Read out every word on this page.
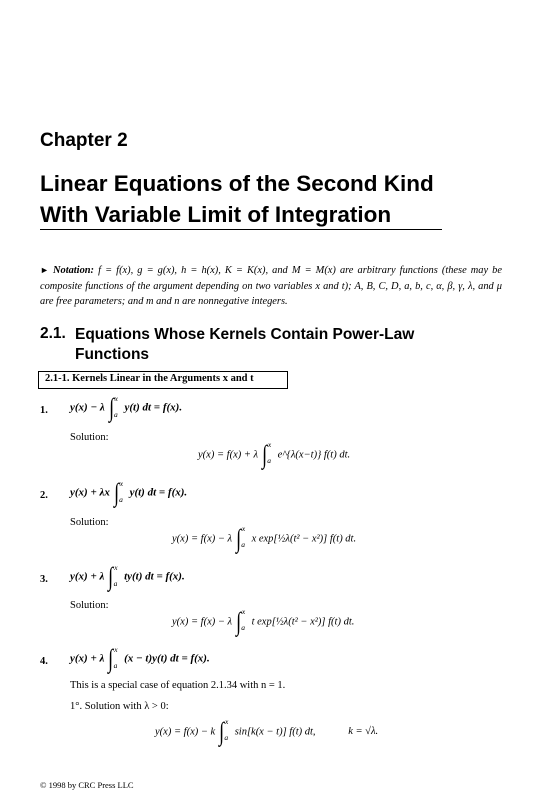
Chapter 2
Linear Equations of the Second Kind
With Variable Limit of Integration
► Notation: f = f(x), g = g(x), h = h(x), K = K(x), and M = M(x) are arbitrary functions (these may be composite functions of the argument depending on two variables x and t); A, B, C, D, a, b, c, α, β, γ, λ, and μ are free parameters; and m and n are nonnegative integers.
2.1. Equations Whose Kernels Contain Power-Law Functions
2.1-1. Kernels Linear in the Arguments x and t
1. y(x) − λ ∫$^x_a$ y(t) dt = f(x).
Solution:
y(x) = f(x) + λ ∫$^x_a$ e^{λ(x−t)} f(t) dt.
2. y(x) + λx ∫$^x_a$ y(t) dt = f(x).
Solution:
y(x) = f(x) − λ ∫$^x_a$ x exp[½λ(t² − x²)] f(t) dt.
3. y(x) + λ ∫$^x_a$ ty(t) dt = f(x).
Solution:
y(x) = f(x) − λ ∫$^x_a$ t exp[½λ(t² − x²)] f(t) dt.
4. y(x) + λ ∫$^x_a$ (x − t)y(t) dt = f(x).
This is a special case of equation 2.1.34 with n = 1.
1°. Solution with λ > 0:
y(x) = f(x) − k ∫$^x_a$ sin[k(x − t)] f(t) dt,	k = √λ.
© 1998 by CRC Press LLC
